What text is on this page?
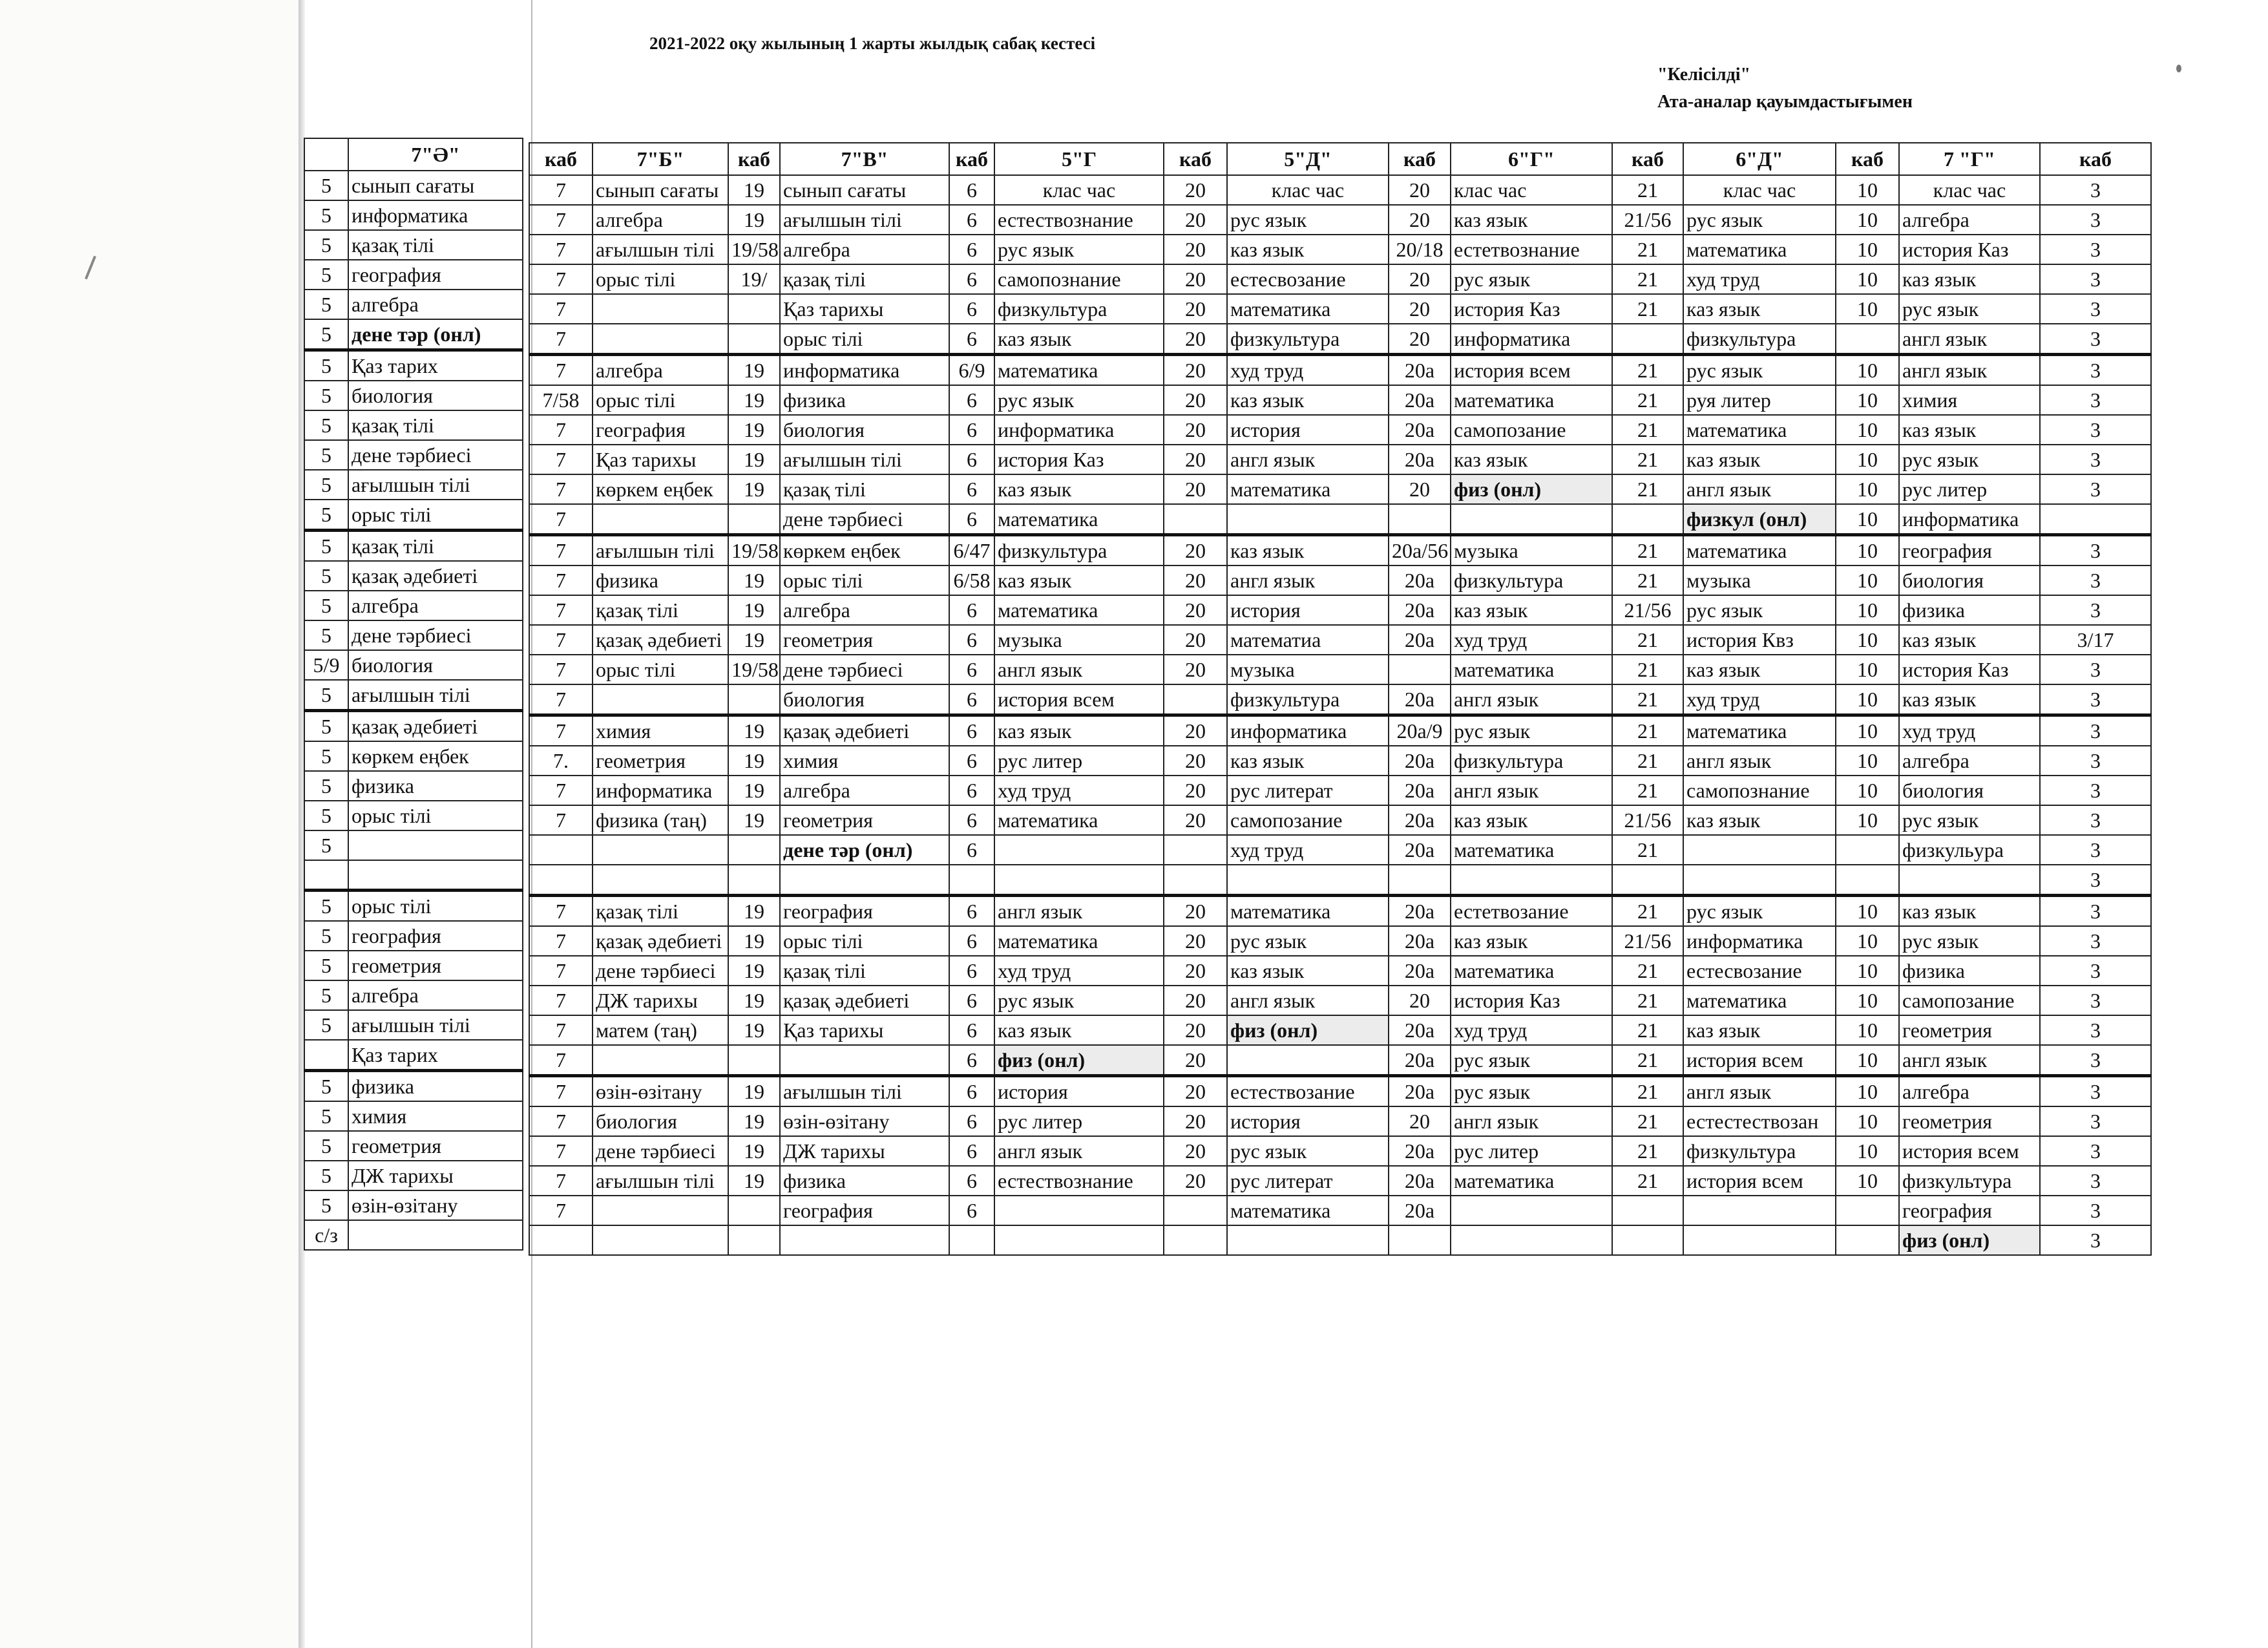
2021-2022 оқу жылының 1 жарты жылдық сабақ кестесі
"Келісілді"
Ата-аналар қауымдастығымен
	7"Ә"
5	сынып сағаты
5	информатика
5	қазақ тілі
5	география
5	алгебра
5	дене тәр (онл)
5	Қаз тарих
5	биология
5	қазақ тілі
5	дене тәрбиесі
5	ағылшын тілі
5	орыс тілі
5	қазақ тілі
5	қазақ әдебиеті
5	алгебра
5	дене тәрбиесі
5/9	биология
5	ағылшын тілі
5	қазақ әдебиеті
5	көркем еңбек
5	физика
5	орыс тілі
5	

5	орыс тілі
5	география
5	геометрия
5	алгебра
5	ағылшын тілі
	Қаз тарих
5	физика
5	химия
5	геометрия
5	ДЖ тарихы
5	өзін-өзітану
с/з	
каб	7"Б"	каб	7"В"	каб	5"Г	каб	5"Д"	каб	6"Г"	каб	6"Д"	каб	7 "Г"	каб
7	сынып сағаты	19	сынып сағаты	6	клас час	20	клас час	20	клас час	21	клас час	10	клас час	3
7	алгебра	19	ағылшын тілі	6	естествознание	20	рус язык	20	каз язык	21/56	рус язык	10	алгебра	3
7	ағылшын тілі	19/58	алгебра	6	рус язык	20	каз язык	20/18	естетвознание	21	математика	10	история Каз	3
7	орыс тілі	19/	қазақ тілі	6	самопознание	20	естесвозание	20	рус язык	21	худ труд	10	каз язык	3
7			Қаз тарихы	6	физкультура	20	математика	20	история Каз	21	каз язык	10	рус язык	3
7			орыс тілі	6	каз язык	20	физкультура	20	информатика		физкультура		англ язык	3
7	алгебра	19	информатика	6/9	математика	20	худ труд	20а	история всем	21	рус язык	10	англ язык	3
7/58	орыс тілі	19	физика	6	рус язык	20	каз язык	20а	математика	21	руя литер	10	химия	3
7	география	19	биология	6	информатика	20	история	20а	самопозание	21	математика	10	каз язык	3
7	Қаз тарихы	19	ағылшын тілі	6	история Каз	20	англ язык	20а	каз язык	21	каз язык	10	рус язык	3
7	көркем еңбек	19	қазақ тілі	6	каз язык	20	математика	20	физ (онл)	21	англ язык	10	рус литер	3
7			дене тәрбиесі	6	математика						физкул (онл)	10	информатика	
7	ағылшын тілі	19/58	көркем еңбек	6/47	физкультура	20	каз язык	20а/56	музыка	21	математика	10	география	3
7	физика	19	орыс тілі	6/58	каз язык	20	англ язык	20а	физкультура	21	музыка	10	биология	3
7	қазақ тілі	19	алгебра	6	математика	20	история	20а	каз язык	21/56	рус язык	10	физика	3
7	қазақ әдебиеті	19	геометрия	6	музыка	20	математиа	20а	худ труд	21	история Квз	10	каз язык	3/17
7	орыс тілі	19/58	дене тәрбиесі	6	англ язык	20	музыка		математика	21	каз язык	10	история Каз	3
7			биология	6	история всем		физкультура	20а	англ язык	21	худ труд	10	каз язык	3
7	химия	19	қазақ әдебиеті	6	каз язык	20	информатика	20а/9	рус язык	21	математика	10	худ труд	3
7.	геометрия	19	химия	6	рус литер	20	каз язык	20а	физкультура	21	англ язык	10	алгебра	3
7	информатика	19	алгебра	6	худ труд	20	рус литерат	20а	англ язык	21	самопознание	10	биология	3
7	физика (таң)	19	геометрия	6	математика	20	самопозание	20а	каз язык	21/56	каз язык	10	рус язык	3
			дене тәр (онл)	6			худ труд	20а	математика	21			физкульура	3
														3
7	қазақ тілі	19	география	6	англ язык	20	математика	20а	естетвозание	21	рус язык	10	каз язык	3
7	қазақ әдебиеті	19	орыс тілі	6	математика	20	рус язык	20а	каз язык	21/56	информатика	10	рус язык	3
7	дене тәрбиесі	19	қазақ тілі	6	худ труд	20	каз язык	20а	математика	21	естесвозание	10	физика	3
7	ДЖ тарихы	19	қазақ әдебиеті	6	рус язык	20	англ язык	20	история Каз	21	математика	10	самопозание	3
7	матем (таң)	19	Қаз тарихы	6	каз язык	20	физ (онл)	20а	худ труд	21	каз язык	10	геометрия	3
7				6	физ (онл)	20		20а	рус язык	21	история всем	10	англ язык	3
7	өзін-өзітану	19	ағылшын тілі	6	история	20	естествозание	20а	рус язык	21	англ язык	10	алгебра	3
7	биология	19	өзін-өзітану	6	рус литер	20	история	20	англ язык	21	естестествозан	10	геометрия	3
7	дене тәрбиесі	19	ДЖ тарихы	6	англ язык	20	рус язык	20а	рус литер	21	физкультура	10	история всем	3
7	ағылшын тілі	19	физика	6	естествознание	20	рус литерат	20а	математика	21	история всем	10	физкультура	3
7			география	6			математика	20а					география	3
													физ (онл)	3
